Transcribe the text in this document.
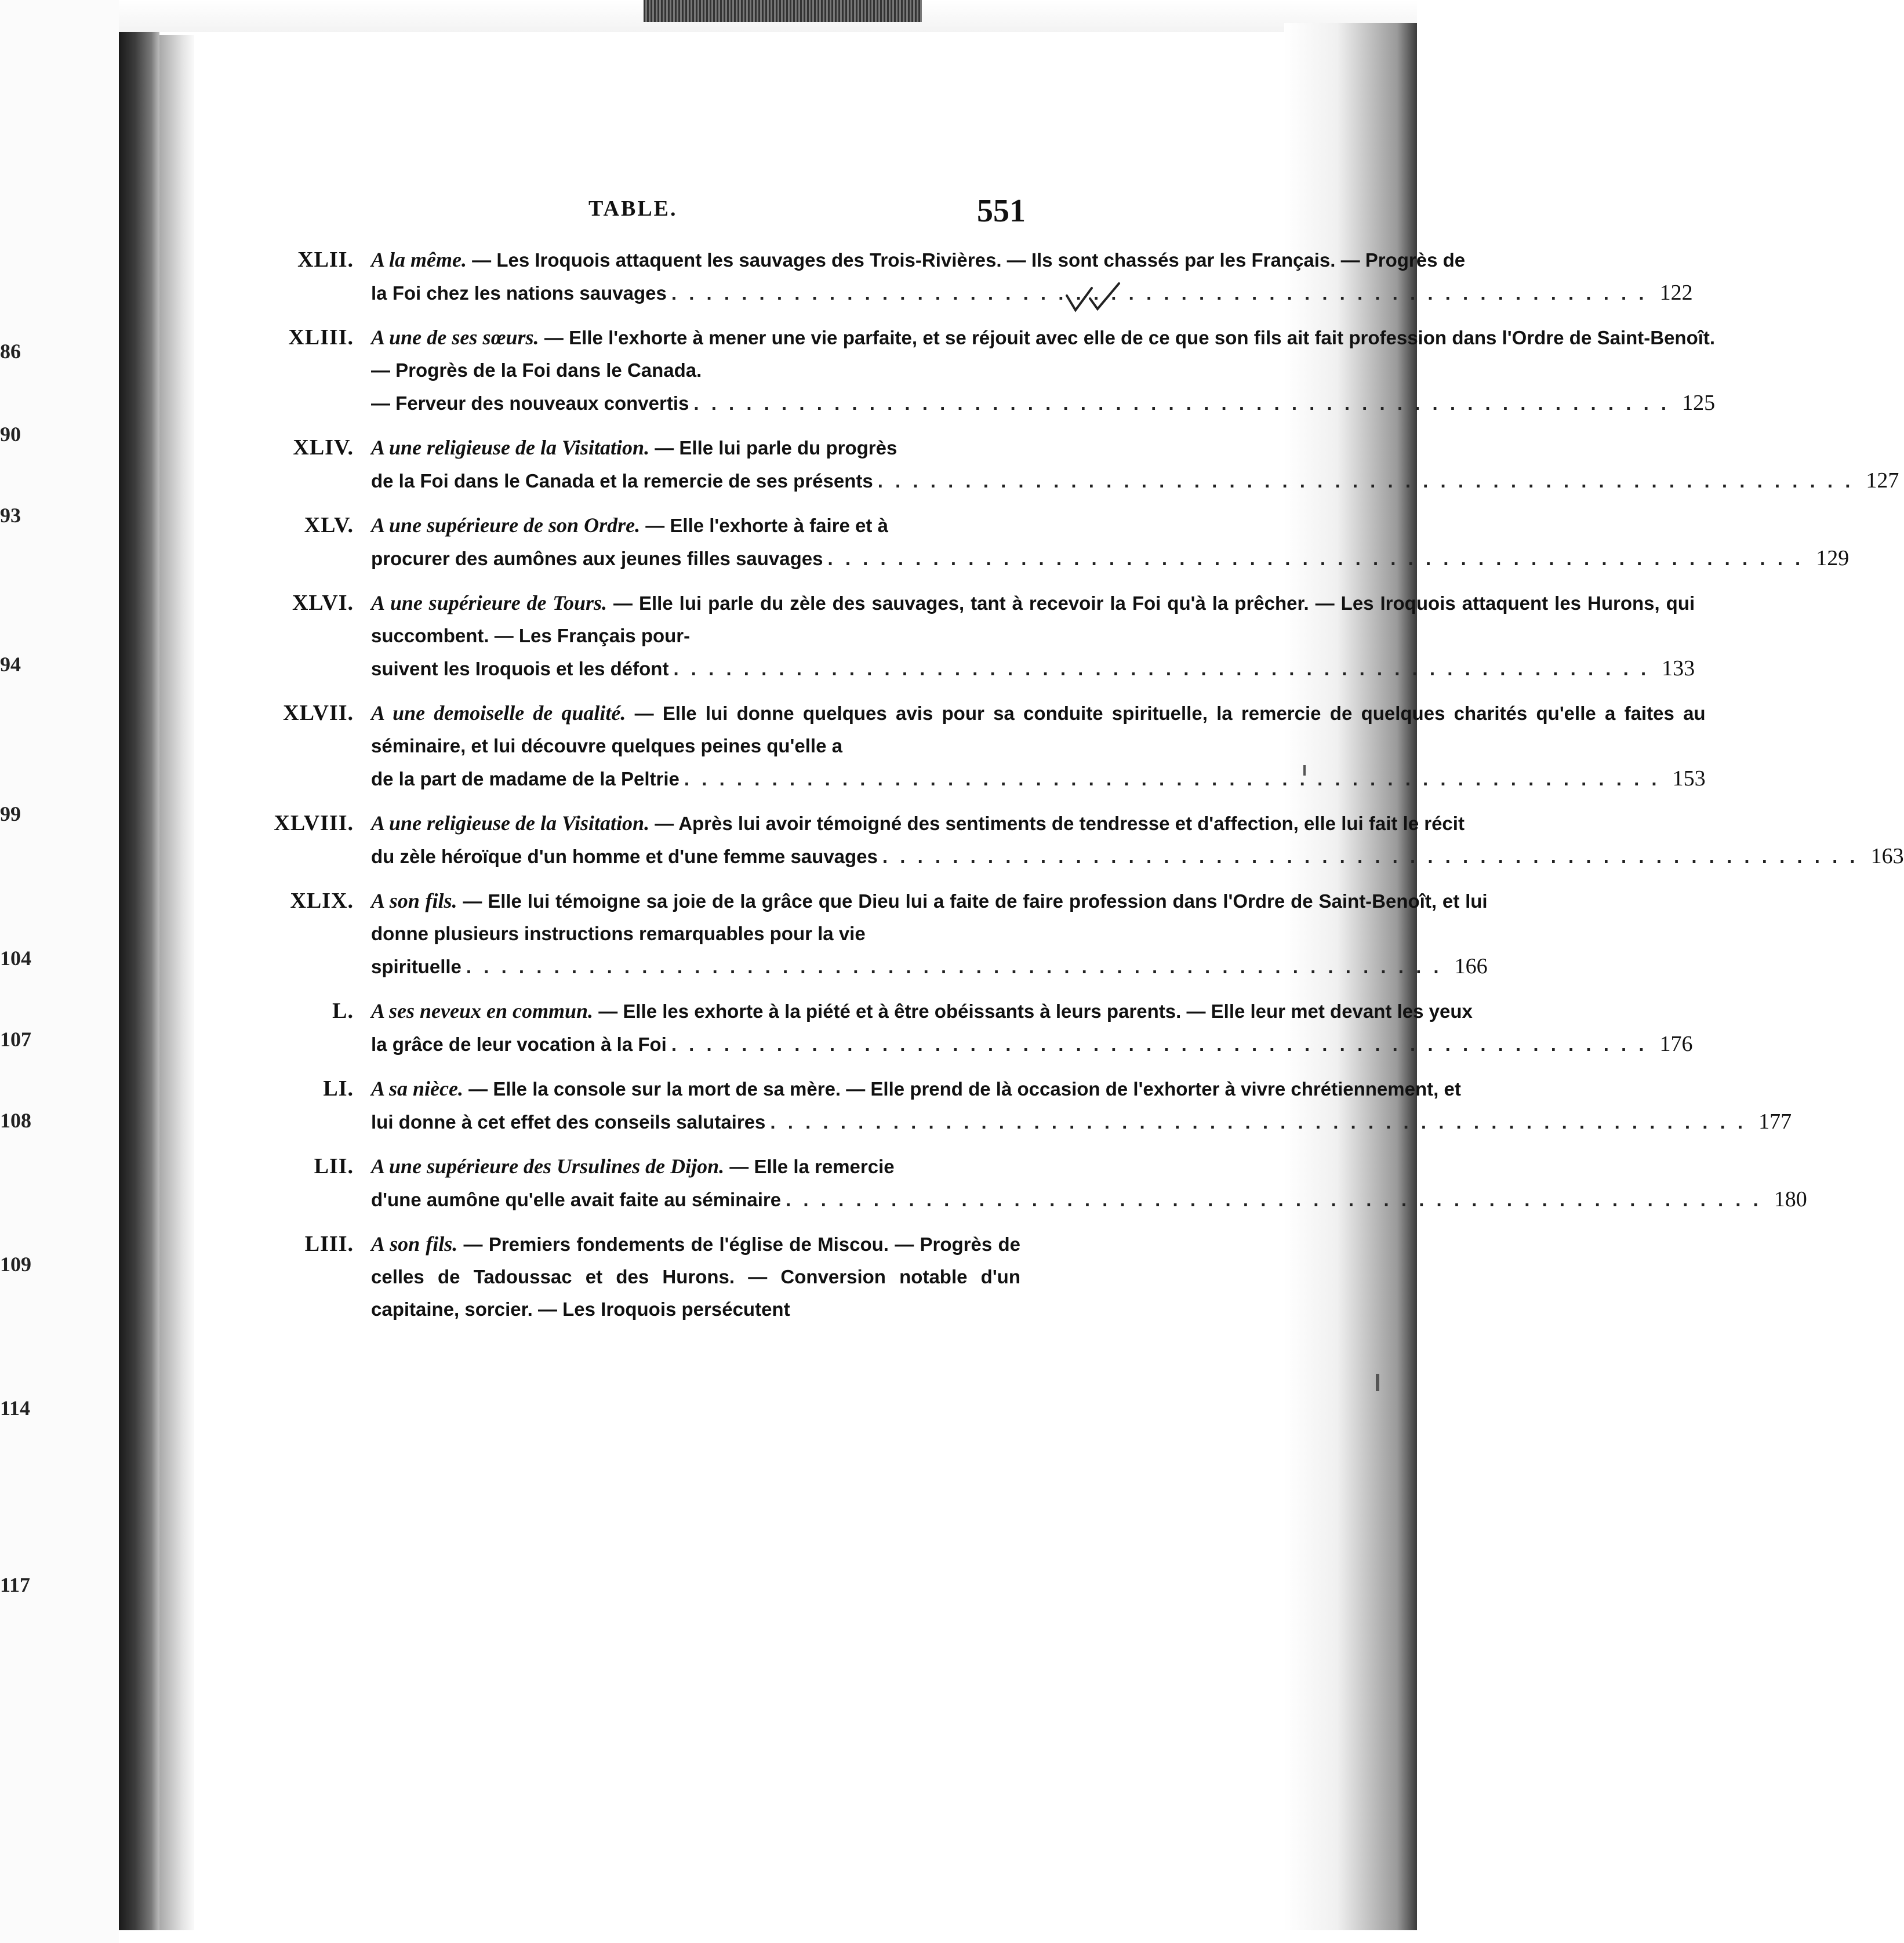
86
90
93
94
99
104
107
108
109
114
117
TABLE.	551
XLII. A la même. — Les Iroquois attaquent les sauvages des Trois-Rivières. — Ils sont chassés par les Français. — Progrès de
la Foi chez les nations sauvages . . .	122
XLIII. A une de ses sœurs. — Elle l'exhorte à mener une vie parfaite, et se réjouit avec elle de ce que son fils ait fait profession dans l'Ordre de Saint-Benoît. — Progrès de la Foi dans le Canada.
— Ferveur des nouveaux convertis . . .	125
XLIV. A une religieuse de la Visitation. — Elle lui parle du progrès
de la Foi dans le Canada et la remercie de ses présents . . .	127
XLV. A une supérieure de son Ordre. — Elle l'exhorte à faire et à
procurer des aumônes aux jeunes filles sauvages . . .	129
XLVI. A une supérieure de Tours. — Elle lui parle du zèle des sauvages, tant à recevoir la Foi qu'à la prêcher. — Les Iroquois attaquent les Hurons, qui succombent. — Les Français pour-
suivent les Iroquois et les défont . . .	133
XLVII. A une demoiselle de qualité. — Elle lui donne quelques avis pour sa conduite spirituelle, la remercie de quelques charités qu'elle a faites au séminaire, et lui découvre quelques peines qu'elle a
de la part de madame de la Peltrie . . .	153
XLVIII. A une religieuse de la Visitation. — Après lui avoir témoigné des sentiments de tendresse et d'affection, elle lui fait le récit
du zèle héroïque d'un homme et d'une femme sauvages . . .	163
XLIX. A son fils. — Elle lui témoigne sa joie de la grâce que Dieu lui a faite de faire profession dans l'Ordre de Saint-Benoît, et lui donne plusieurs instructions remarquables pour la vie
spirituelle . . .	166
L. A ses neveux en commun. — Elle les exhorte à la piété et à être obéissants à leurs parents. — Elle leur met devant les yeux
la grâce de leur vocation à la Foi . . .	176
LI. A sa nièce. — Elle la console sur la mort de sa mère. — Elle prend de là occasion de l'exhorter à vivre chrétiennement, et
lui donne à cet effet des conseils salutaires . . .	177
LII. A une supérieure des Ursulines de Dijon. — Elle la remercie
d'une aumône qu'elle avait faite au séminaire . . .	180
LIII. A son fils. — Premiers fondements de l'église de Miscou. — Progrès de celles de Tadoussac et des Hurons. — Conversion notable d'un capitaine, sorcier. — Les Iroquois persécutent
